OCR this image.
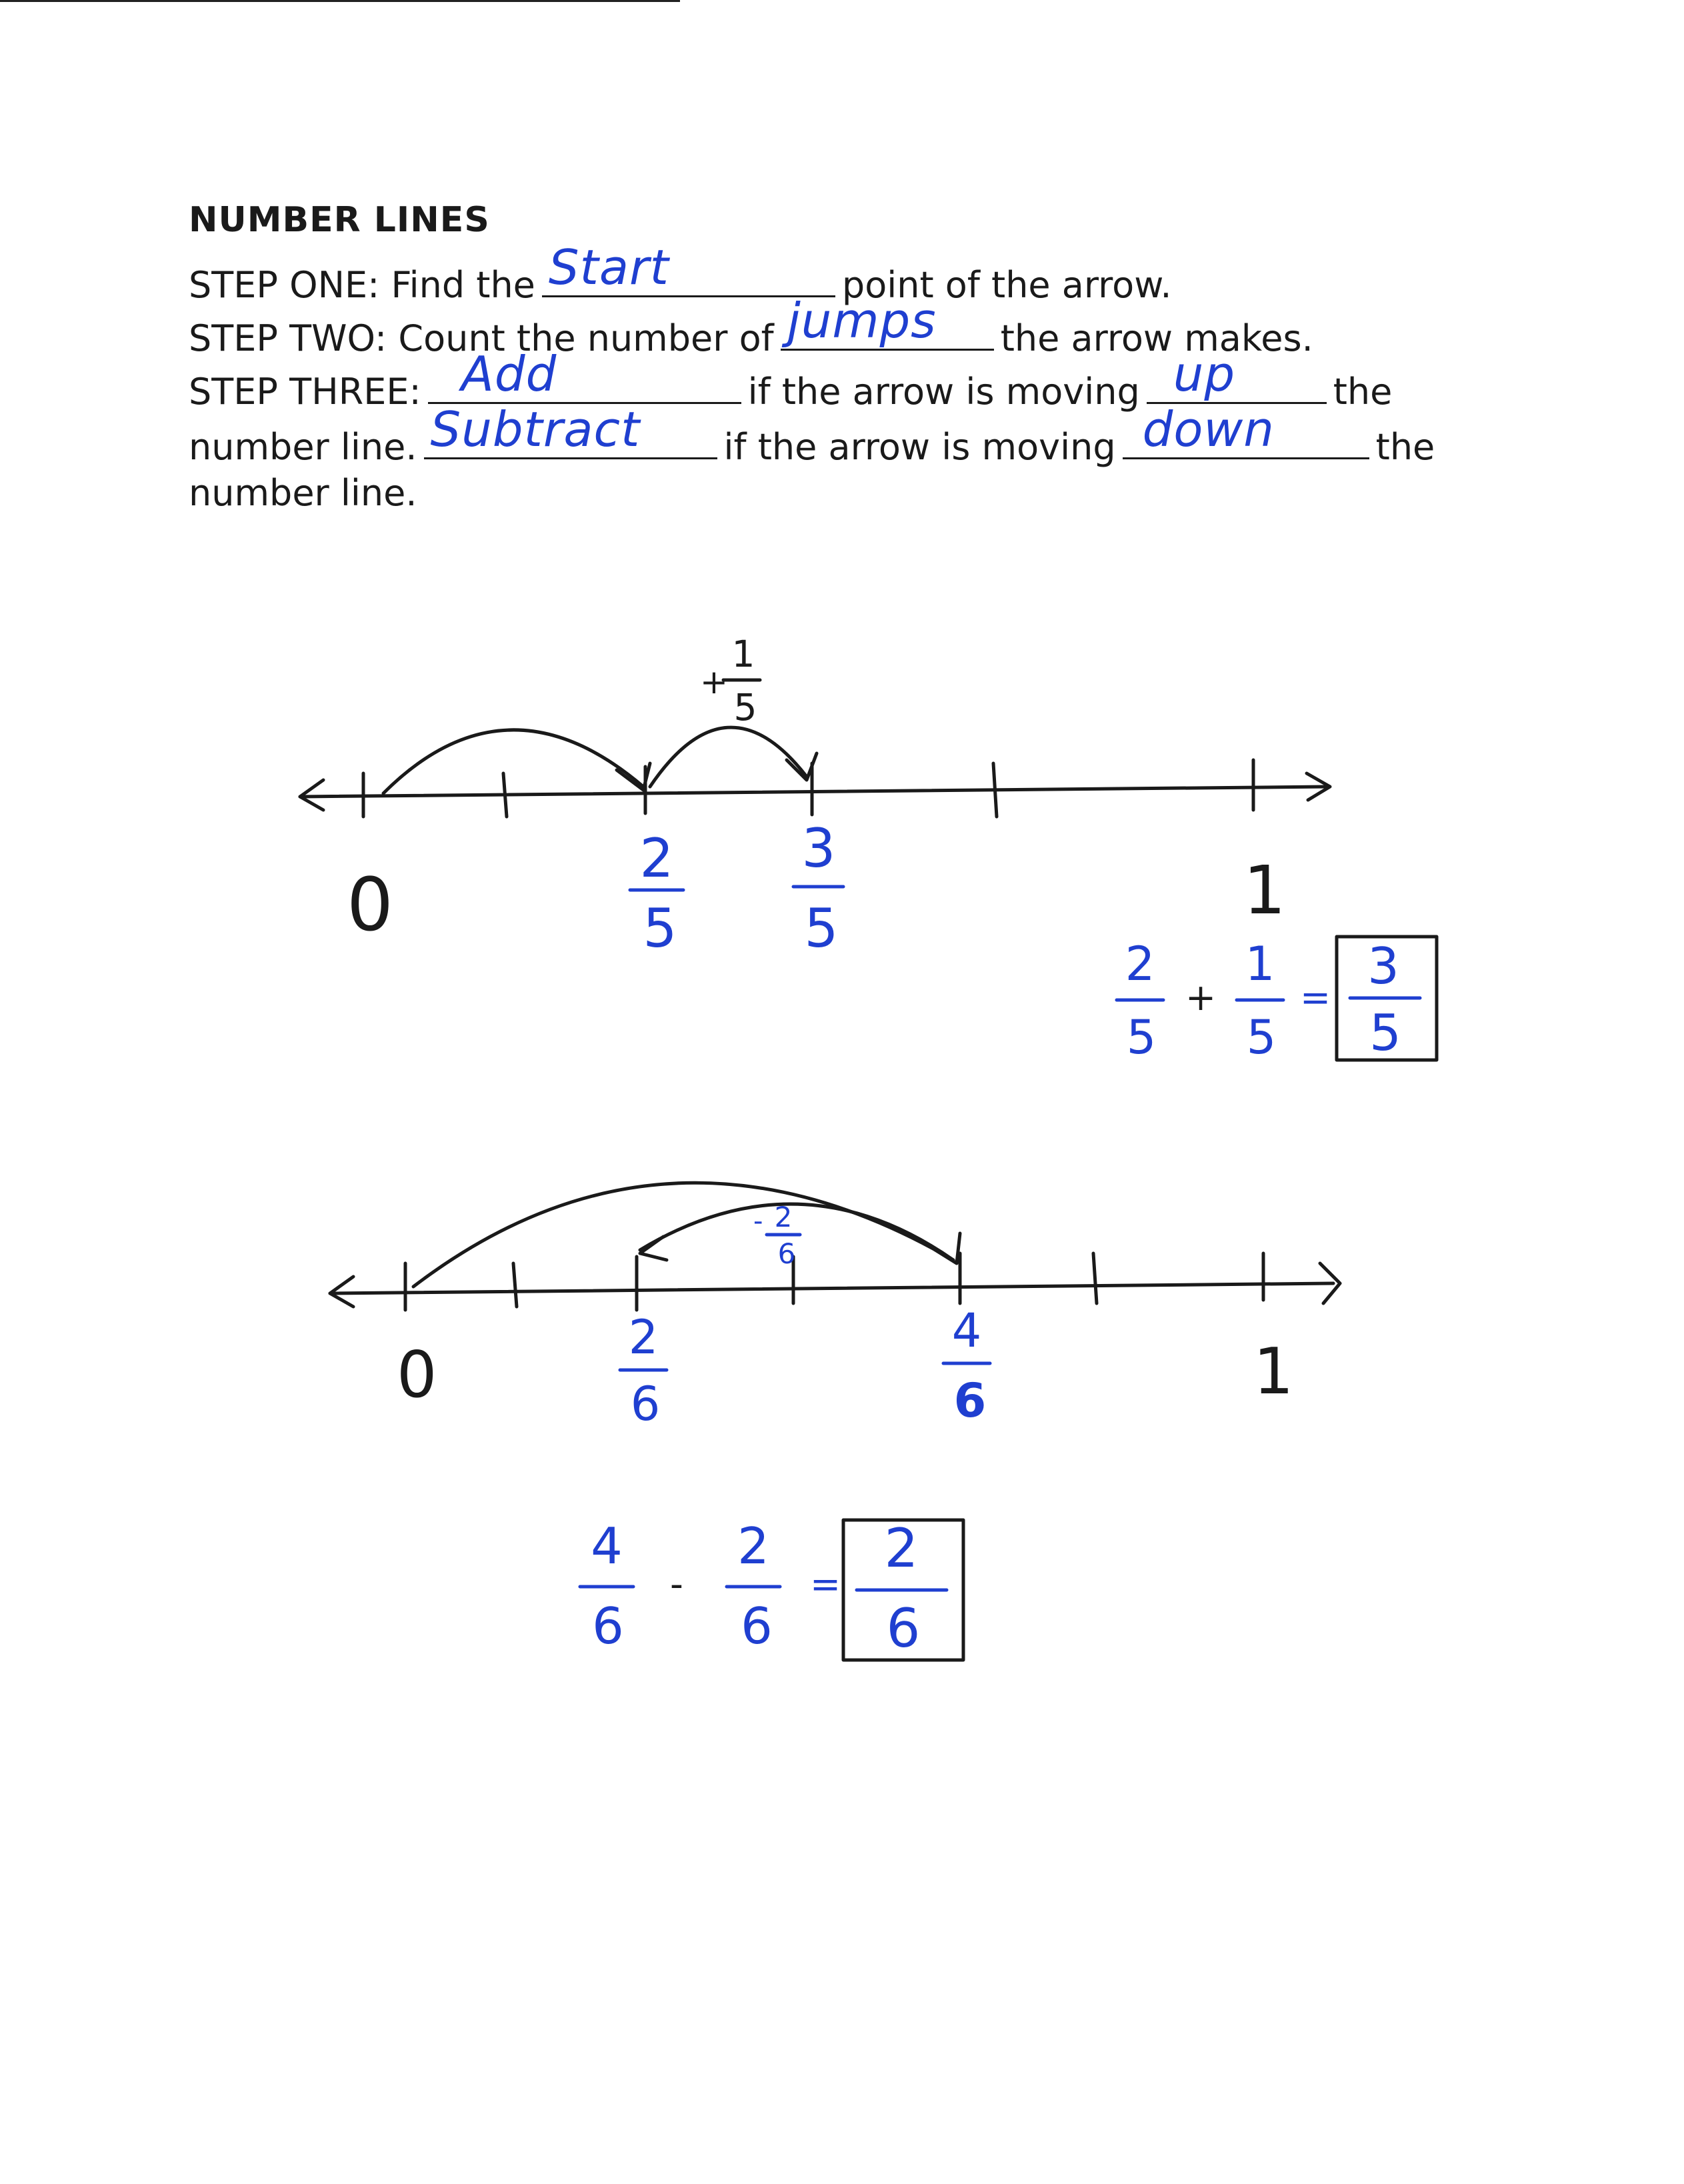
NUMBER LINES
STEP ONE: Find the Start	point of the arrow.
STEP TWO: Count the number of jumps the arrow makes.
STEP THREE: Add	if the arrow is moving up	the
number line. Subtract if the arrow is moving down	the
number line.
0	1
2
5
3
5
+
1
5
2
5
+
1
5
=
3
5
0	1
2
6
4
6
- 2
6
4
6
-
2
6
=
2
6
